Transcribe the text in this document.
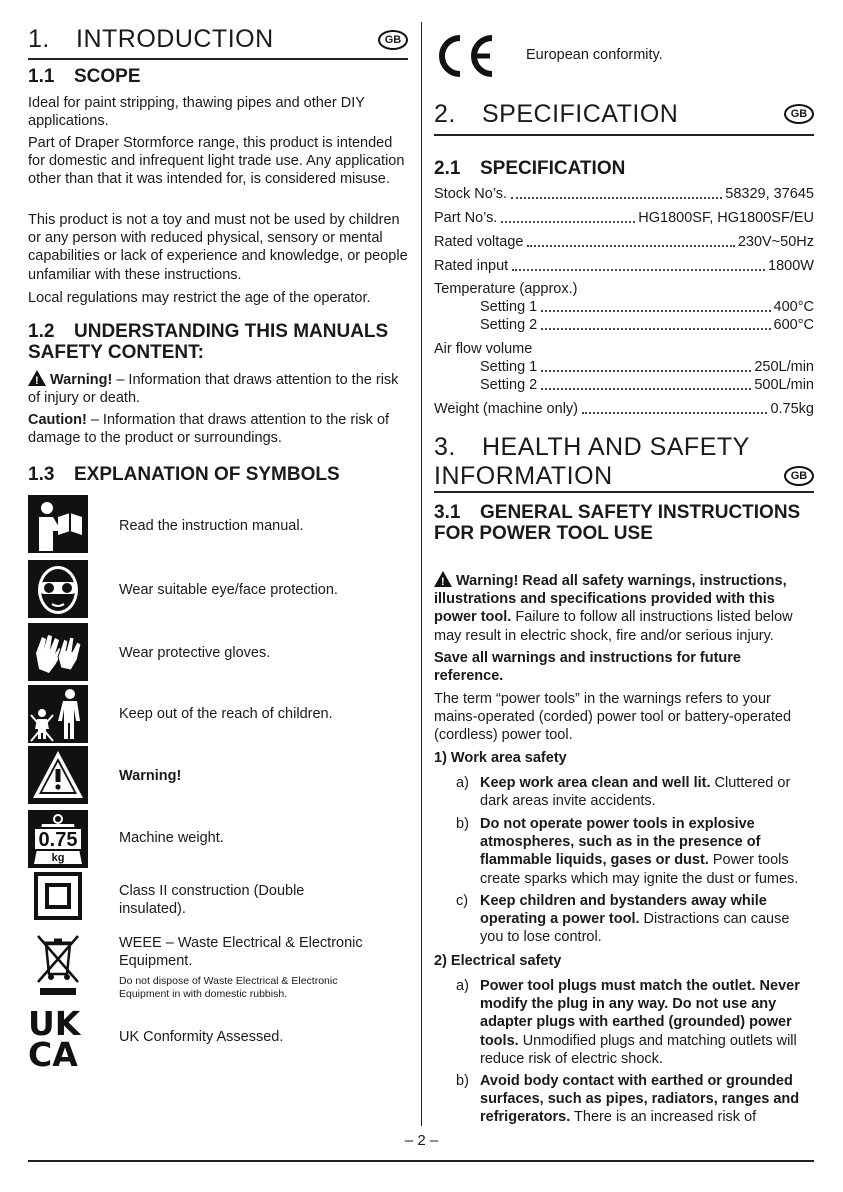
1. INTRODUCTION	GB
1.1 SCOPE
Ideal for paint stripping, thawing pipes and other DIY applications.
Part of Draper Stormforce range, this product is intended for domestic and infrequent light trade use. Any application other than that it was intended for, is considered misuse.
This product is not a toy and must not be used by children or any person with reduced physical, sensory or mental capabilities or lack of experience and knowledge, or people unfamiliar with these instructions.
Local regulations may restrict the age of the operator.
1.2 UNDERSTANDING THIS MANUALS SAFETY CONTENT:
!Warning! – Information that draws attention to the risk of injury or death.
Caution! – Information that draws attention to the risk of damage to the product or surroundings.
1.3 EXPLANATION OF SYMBOLS
Read the instruction manual.
Wear suitable eye/face protection.
Wear protective gloves.
Keep out of the reach of children.
Warning!
0.75
kg
Machine weight.
Class II construction (Double insulated).
WEEE – Waste Electrical & Electronic Equipment.
Do not dispose of Waste Electrical & Electronic Equipment in with domestic rubbish.
UK
CA	UK Conformity Assessed.
European conformity.
2. SPECIFICATION	GB
2.1 SPECIFICATION
Stock No’s.	58329, 37645
Part No’s.	HG1800SF, HG1800SF/EU
Rated voltage	230V~50Hz
Rated input	1800W
Temperature (approx.)
Setting 1	400°C
Setting 2	600°C
Air flow volume
Setting 1	250L/min
Setting 2	500L/min
Weight (machine only)	0.75kg
3. HEALTH AND SAFETY
INFORMATION	GB
3.1 GENERAL SAFETY INSTRUCTIONS FOR POWER TOOL USE
!Warning! Read all safety warnings, instructions, illustrations and specifications provided with this power tool. Failure to follow all instructions listed below may result in electric shock, fire and/or serious injury.
Save all warnings and instructions for future reference.
The term “power tools” in the warnings refers to your mains-operated (corded) power tool or battery-operated (cordless) power tool.
1) Work area safety
a) Keep work area clean and well lit. Cluttered or dark areas invite accidents.
b) Do not operate power tools in explosive atmospheres, such as in the presence of flammable liquids, gases or dust. Power tools create sparks which may ignite the dust or fumes.
c) Keep children and bystanders away while operating a power tool. Distractions can cause you to lose control.
2) Electrical safety
a) Power tool plugs must match the outlet. Never modify the plug in any way. Do not use any adapter plugs with earthed (grounded) power tools. Unmodified plugs and matching outlets will reduce risk of electric shock.
b) Avoid body contact with earthed or grounded surfaces, such as pipes, radiators, ranges and refrigerators. There is an increased risk of
– 2 –
